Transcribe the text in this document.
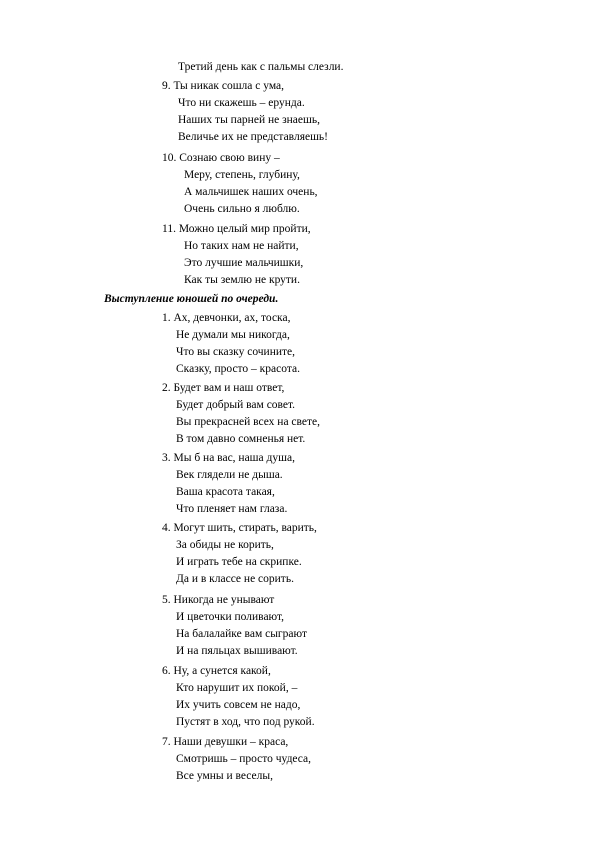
Третий день как с пальмы слезли.
9. Ты никак сошла с ума,
Что ни скажешь – ерунда.
Наших ты парней не знаешь,
Величье их не представляешь!
10. Сознаю свою вину –
Меру, степень, глубину,
А мальчишек наших очень,
Очень сильно я люблю.
11. Можно целый мир пройти,
Но таких нам не найти,
Это лучшие мальчишки,
Как ты землю не крути.
Выступление юношей по очереди.
1. Ах, девчонки, ах, тоска,
Не думали мы никогда,
Что вы сказку сочините,
Сказку, просто – красота.
2. Будет вам и наш ответ,
Будет добрый вам совет.
Вы прекрасней всех на свете,
В том давно сомненья нет.
3. Мы б на вас, наша душа,
Век глядели не дыша.
Ваша красота такая,
Что пленяет нам глаза.
4. Могут шить, стирать, варить,
За обиды не корить,
И играть тебе на скрипке.
Да и в классе не сорить.
5. Никогда не унывают
И цветочки поливают,
На балалайке вам сыграют
И на пяльцах вышивают.
6. Ну, а сунется какой,
Кто нарушит их покой, –
Их учить совсем не надо,
Пустят в ход, что под рукой.
7. Наши девушки – краса,
Смотришь – просто чудеса,
Все умны и веселы,
